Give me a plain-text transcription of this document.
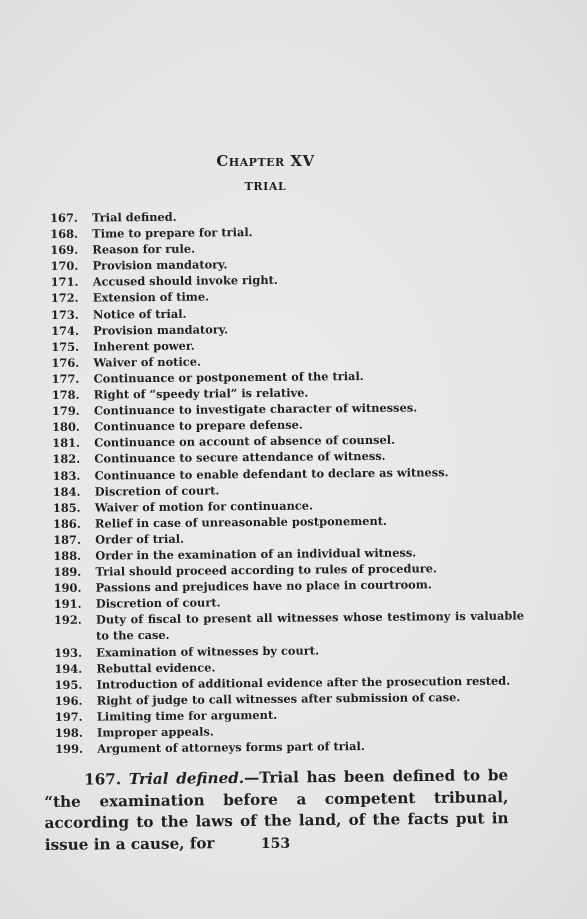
Chapter XV
TRIAL
167.	Trial defined.
168.	Time to prepare for trial.
169.	Reason for rule.
170.	Provision mandatory.
171.	Accused should invoke right.
172.	Extension of time.
173.	Notice of trial.
174.	Provision mandatory.
175.	Inherent power.
176.	Waiver of notice.
177.	Continuance or postponement of the trial.
178.	Right of “speedy trial” is relative.
179.	Continuance to investigate character of witnesses.
180.	Continuance to prepare defense.
181.	Continuance on account of absence of counsel.
182.	Continuance to secure attendance of witness.
183.	Continuance to enable defendant to declare as witness.
184.	Discretion of court.
185.	Waiver of motion for continuance.
186.	Relief in case of unreasonable postponement.
187.	Order of trial.
188.	Order in the examination of an individual witness.
189.	Trial should proceed according to rules of procedure.
190.	Passions and prejudices have no place in courtroom.
191.	Discretion of court.
192.	Duty of fiscal to present all witnesses whose testimony is valuable to the case.
193.	Examination of witnesses by court.
194.	Rebuttal evidence.
195.	Introduction of additional evidence after the prosecution rested.
196.	Right of judge to call witnesses after submission of case.
197.	Limiting time for argument.
198.	Improper appeals.
199.	Argument of attorneys forms part of trial.

167. Trial defined.—Trial has been defined to be “the examination before a competent tribunal, according to the laws of the land, of the facts put in issue in a cause, for	153
